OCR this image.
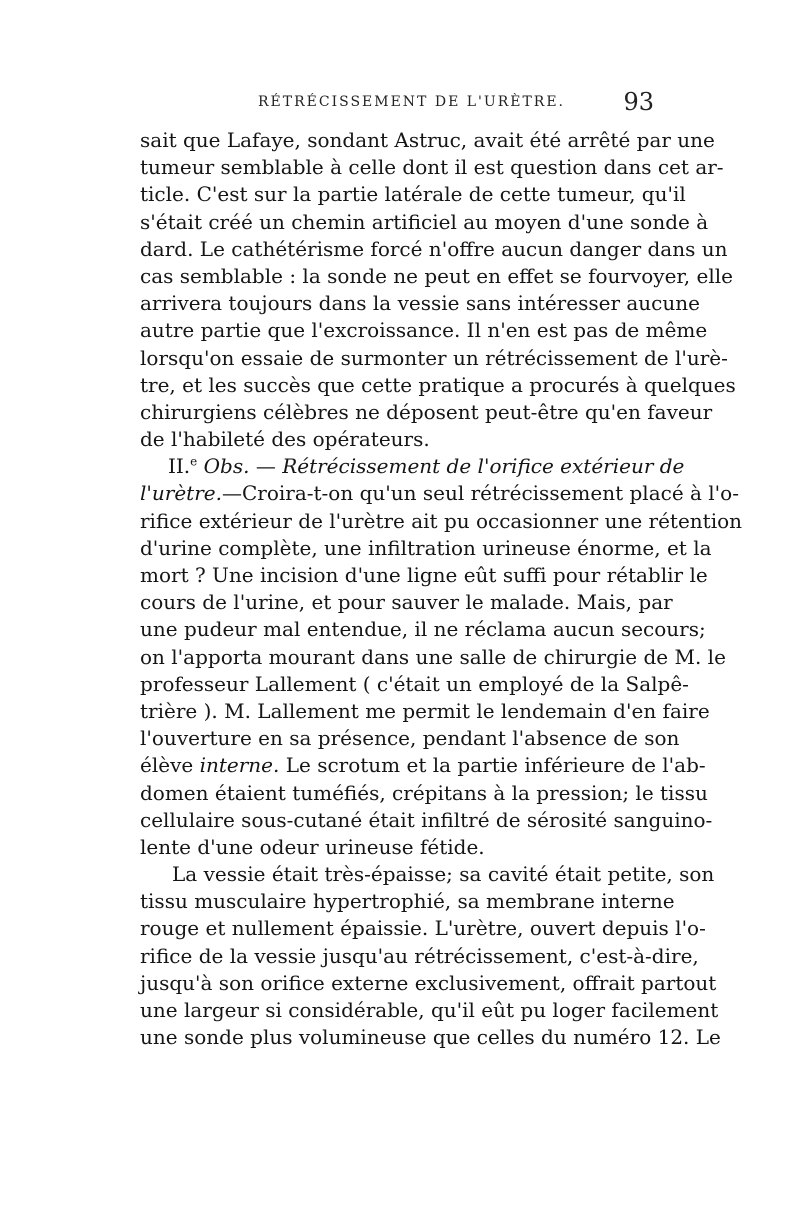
RÉTRÉCISSEMENT DE L'URÈTRE. 93
sait que Lafaye, sondant Astruc, avait été arrêté par une
tumeur semblable à celle dont il est question dans cet ar-
ticle. C'est sur la partie latérale de cette tumeur, qu'il
s'était créé un chemin artificiel au moyen d'une sonde à
dard. Le cathétérisme forcé n'offre aucun danger dans un
cas semblable : la sonde ne peut en effet se fourvoyer, elle
arrivera toujours dans la vessie sans intéresser aucune
autre partie que l'excroissance. Il n'en est pas de même
lorsqu'on essaie de surmonter un rétrécissement de l'urè-
tre, et les succès que cette pratique a procurés à quelques
chirurgiens célèbres ne déposent peut-être qu'en faveur
de l'habileté des opérateurs.
II.$^e$ Obs. — Rétrécissement de l'orifice extérieur de
l'urètre.—Croira-t-on qu'un seul rétrécissement placé à l'o-
rifice extérieur de l'urètre ait pu occasionner une rétention
d'urine complète, une infiltration urineuse énorme, et la
mort ? Une incision d'une ligne eût suffi pour rétablir le
cours de l'urine, et pour sauver le malade. Mais, par
une pudeur mal entendue, il ne réclama aucun secours;
on l'apporta mourant dans une salle de chirurgie de M. le
professeur Lallement ( c'était un employé de la Salpê-
trière ). M. Lallement me permit le lendemain d'en faire
l'ouverture en sa présence, pendant l'absence de son
élève interne. Le scrotum et la partie inférieure de l'ab-
domen étaient tuméfiés, crépitans à la pression; le tissu
cellulaire sous-cutané était infiltré de sérosité sanguino-
lente d'une odeur urineuse fétide.
La vessie était très-épaisse; sa cavité était petite, son
tissu musculaire hypertrophié, sa membrane interne
rouge et nullement épaissie. L'urètre, ouvert depuis l'o-
rifice de la vessie jusqu'au rétrécissement, c'est-à-dire,
jusqu'à son orifice externe exclusivement, offrait partout
une largeur si considérable, qu'il eût pu loger facilement
une sonde plus volumineuse que celles du numéro 12. Le
